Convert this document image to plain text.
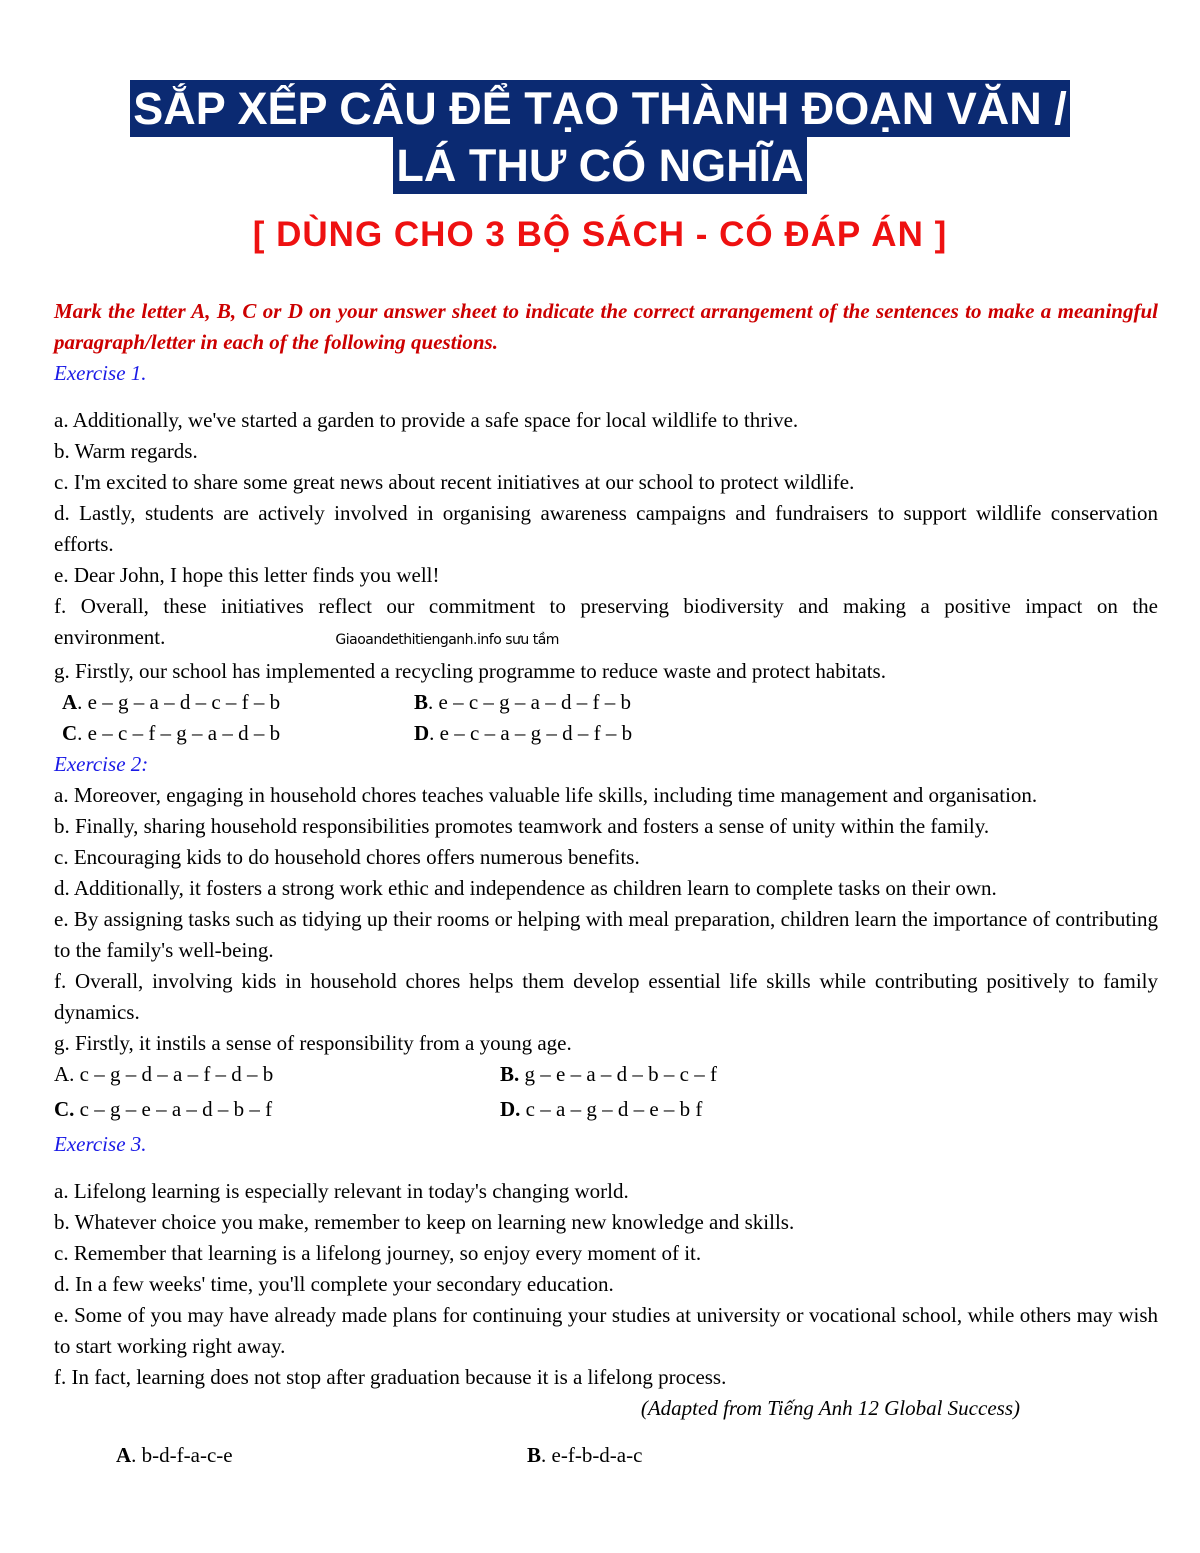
SẮP XẾP CÂU ĐỂ TẠO THÀNH ĐOẠN VĂN /
LÁ THƯ CÓ NGHĨA
[ DÙNG CHO 3 BỘ SÁCH - CÓ ĐÁP ÁN ]

Mark the letter A, B, C or D on your answer sheet to indicate the correct arrangement of the sentences to make a meaningful paragraph/letter in each of the following questions.

Exercise 1.

a. Additionally, we've started a garden to provide a safe space for local wildlife to thrive.

b. Warm regards.

c. I'm excited to share some great news about recent initiatives at our school to protect wildlife.

d. Lastly, students are actively involved in organising awareness campaigns and fundraisers to support wildlife conservation efforts.

e. Dear John, I hope this letter finds you well!

f. Overall, these initiatives reflect our commitment to preserving biodiversity and making a positive impact on the environment.	Giaoandethitienganh.info sưu tầm

g. Firstly, our school has implemented a recycling programme to reduce waste and protect habitats.

A. e – g – a – d – c – f – b	B. e – c – g – a – d – f – b
C. e – c – f – g – a – d – b	D. e – c – a – g – d – f – b

Exercise 2:

a. Moreover, engaging in household chores teaches valuable life skills, including time management and organisation.

b. Finally, sharing household responsibilities promotes teamwork and fosters a sense of unity within the family.

c. Encouraging kids to do household chores offers numerous benefits.

d. Additionally, it fosters a strong work ethic and independence as children learn to complete tasks on their own.

e. By assigning tasks such as tidying up their rooms or helping with meal preparation, children learn the importance of contributing to the family's well-being.

f. Overall, involving kids in household chores helps them develop essential life skills while contributing positively to family dynamics.

g. Firstly, it instils a sense of responsibility from a young age.

A. c – g – d – a – f – d – b	B. g – e – a – d – b – c – f
C. c – g – e – a – d – b – f	D. c – a – g – d – e – b f

Exercise 3.

a. Lifelong learning is especially relevant in today's changing world.

b. Whatever choice you make, remember to keep on learning new knowledge and skills.

c. Remember that learning is a lifelong journey, so enjoy every moment of it.

d. In a few weeks' time, you'll complete your secondary education.

e. Some of you may have already made plans for continuing your studies at university or vocational school, while others may wish to start working right away.

f. In fact, learning does not stop after graduation because it is a lifelong process.

(Adapted from Tiếng Anh 12 Global Success)

A. b-d-f-a-c-e	B. e-f-b-d-a-c
